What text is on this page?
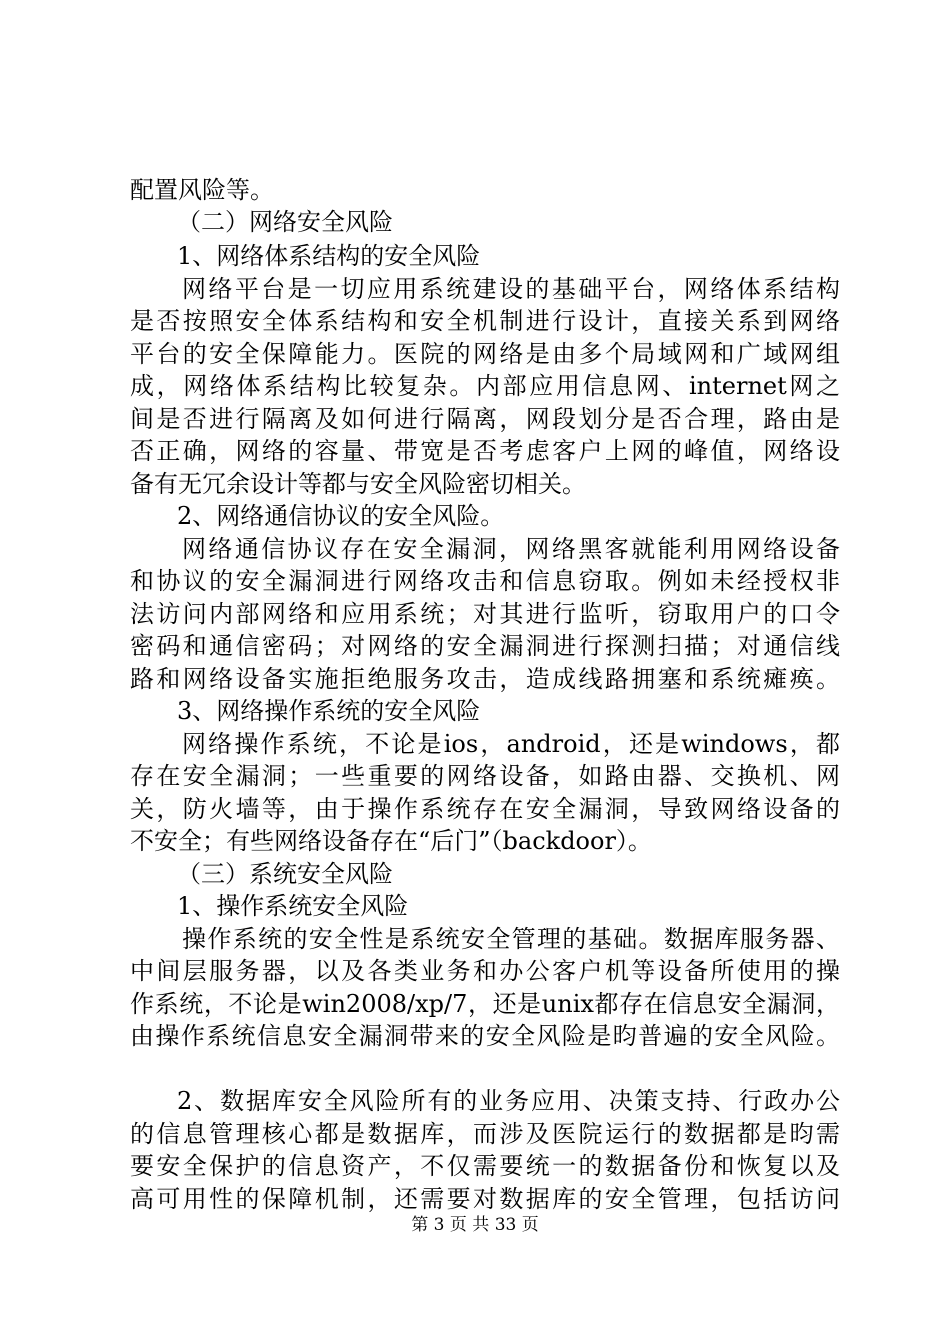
配置风险等。
（二）网络安全风险
1、网络体系结构的安全风险
网络平台是一切应用系统建设的基础平台，网络体系结构
是否按照安全体系结构和安全机制进行设计，直接关系到网络
平台的安全保障能力。医院的网络是由多个局域网和广域网组
成，网络体系结构比较复杂。内部应用信息网、internet网之
间是否进行隔离及如何进行隔离，网段划分是否合理，路由是
否正确，网络的容量、带宽是否考虑客户上网的峰值，网络设
备有无冗余设计等都与安全风险密切相关。
2、网络通信协议的安全风险。
网络通信协议存在安全漏洞，网络黑客就能利用网络设备
和协议的安全漏洞进行网络攻击和信息窃取。例如未经授权非
法访问内部网络和应用系统；对其进行监听，窃取用户的口令
密码和通信密码；对网络的安全漏洞进行探测扫描；对通信线
路和网络设备实施拒绝服务攻击，造成线路拥塞和系统瘫痪。
3、网络操作系统的安全风险
网络操作系统，不论是ios，android，还是windows，都
存在安全漏洞；一些重要的网络设备，如路由器、交换机、网
关，防火墙等，由于操作系统存在安全漏洞，导致网络设备的
不安全；有些网络设备存在“后门”（backdoor）。
（三）系统安全风险
1、操作系统安全风险
操作系统的安全性是系统安全管理的基础。数据库服务器、
中间层服务器，以及各类业务和办公客户机等设备所使用的操
作系统，不论是win2008/xp/7，还是unix都存在信息安全漏洞，
由操作系统信息安全漏洞带来的安全风险是昀普遍的安全风险。
2、数据库安全风险所有的业务应用、决策支持、行政办公
的信息管理核心都是数据库，而涉及医院运行的数据都是昀需
要安全保护的信息资产，不仅需要统一的数据备份和恢复以及
高可用性的保障机制，还需要对数据库的安全管理，包括访问
第 3 页 共 33 页
